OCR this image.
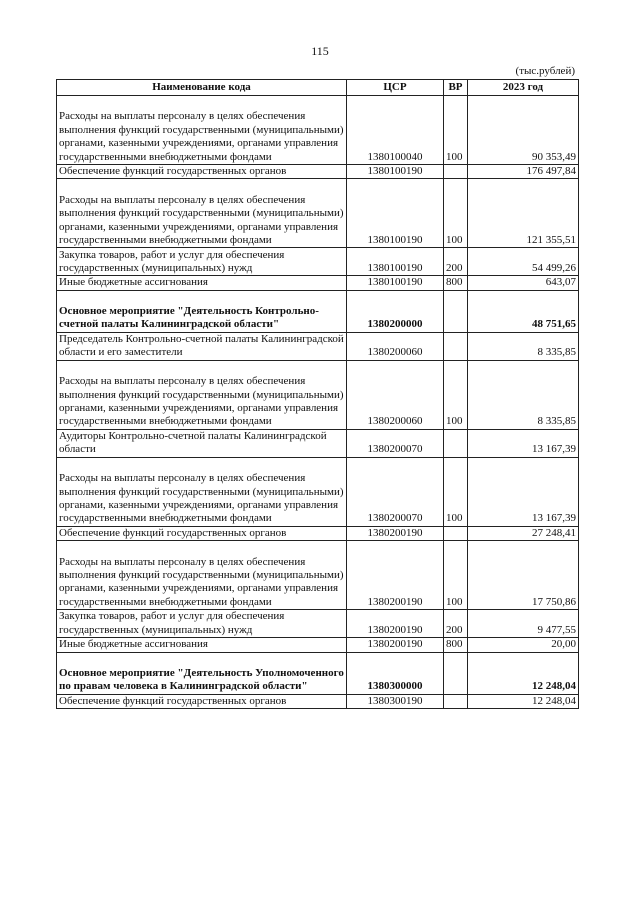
115
(тыс.рублей)
Наименование кода	ЦСР	ВР	2023 год
Расходы на выплаты персоналу в целях обеспечения выполнения функций государственными (муниципальными) органами, казенными учреждениями, органами управления государственными внебюджетными фондами	1380100040	100	90 353,49
Обеспечение функций государственных органов	1380100190		176 497,84
Расходы на выплаты персоналу в целях обеспечения выполнения функций государственными (муниципальными) органами, казенными учреждениями, органами управления государственными внебюджетными фондами	1380100190	100	121 355,51
Закупка товаров, работ и услуг для обеспечения государственных (муниципальных) нужд	1380100190	200	54 499,26
Иные бюджетные ассигнования	1380100190	800	643,07
Основное мероприятие "Деятельность Контрольно-счетной палаты Калининградской области"	1380200000		48 751,65
Председатель Контрольно-счетной палаты Калининградской области и его заместители	1380200060		8 335,85
Расходы на выплаты персоналу в целях обеспечения выполнения функций государственными (муниципальными) органами, казенными учреждениями, органами управления государственными внебюджетными фондами	1380200060	100	8 335,85
Аудиторы Контрольно-счетной палаты Калининградской области	1380200070		13 167,39
Расходы на выплаты персоналу в целях обеспечения выполнения функций государственными (муниципальными) органами, казенными учреждениями, органами управления государственными внебюджетными фондами	1380200070	100	13 167,39
Обеспечение функций государственных органов	1380200190		27 248,41
Расходы на выплаты персоналу в целях обеспечения выполнения функций государственными (муниципальными) органами, казенными учреждениями, органами управления государственными внебюджетными фондами	1380200190	100	17 750,86
Закупка товаров, работ и услуг для обеспечения государственных (муниципальных) нужд	1380200190	200	9 477,55
Иные бюджетные ассигнования	1380200190	800	20,00
Основное мероприятие "Деятельность Уполномоченного по правам человека в Калининградской области"	1380300000		12 248,04
Обеспечение функций государственных органов	1380300190		12 248,04
